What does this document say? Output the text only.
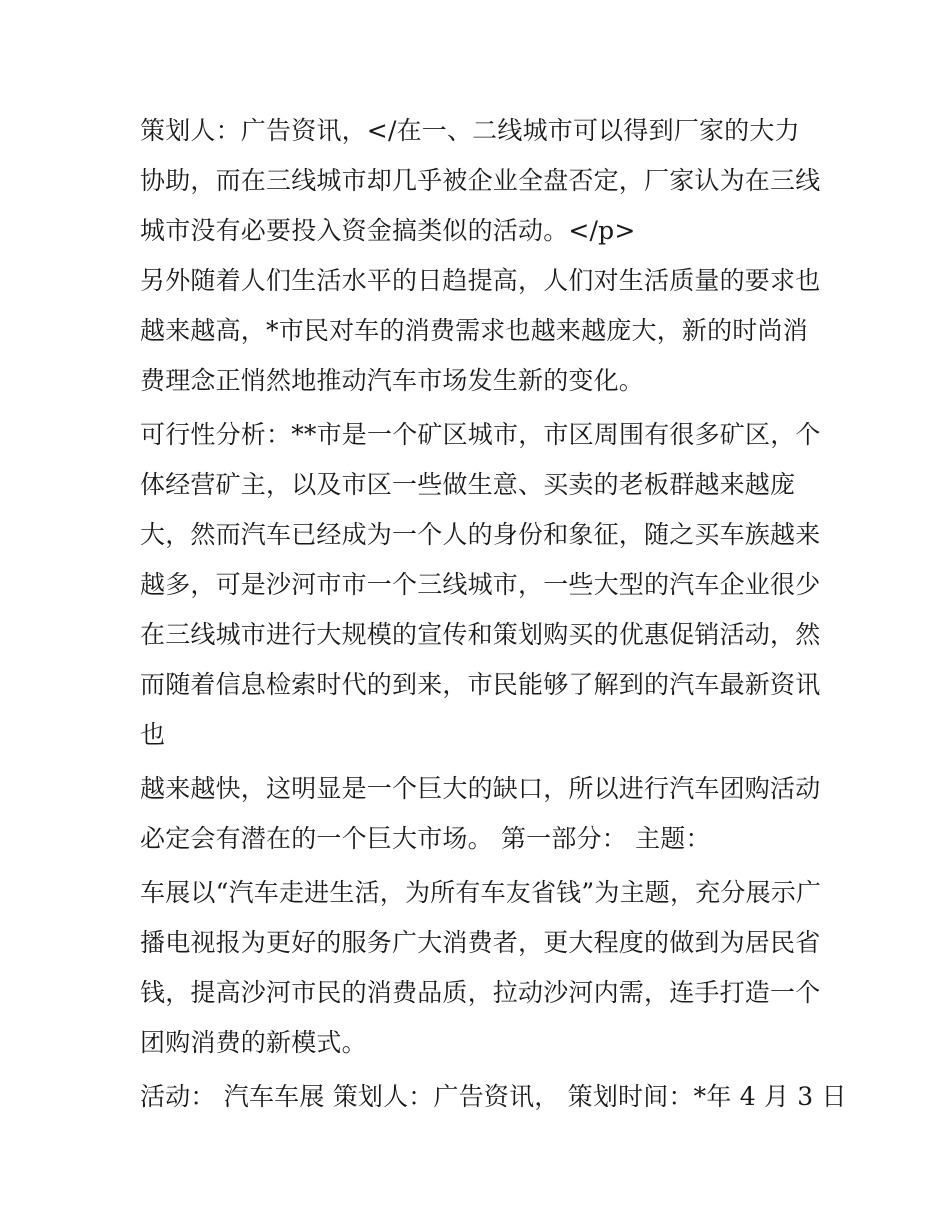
策划人：广告资讯，</在一、二线城市可以得到厂家的大力
协助，而在三线城市却几乎被企业全盘否定，厂家认为在三线
城市没有必要投入资金搞类似的活动。</p>
另外随着人们生活水平的日趋提高，人们对生活质量的要求也
越来越高，*市民对车的消费需求也越来越庞大，新的时尚消
费理念正悄然地推动汽车市场发生新的变化。
可行性分析：**市是一个矿区城市，市区周围有很多矿区，个
体经营矿主，以及市区一些做生意、买卖的老板群越来越庞
大，然而汽车已经成为一个人的身份和象征，随之买车族越来
越多，可是沙河市市一个三线城市，一些大型的汽车企业很少
在三线城市进行大规模的宣传和策划购买的优惠促销活动，然
而随着信息检索时代的到来，市民能够了解到的汽车最新资讯
也
越来越快，这明显是一个巨大的缺口，所以进行汽车团购活动
必定会有潜在的一个巨大市场。 第一部分： 主题：
车展以“汽车走进生活，为所有车友省钱”为主题，充分展示广
播电视报为更好的服务广大消费者，更大程度的做到为居民省
钱，提高沙河市民的消费品质，拉动沙河内需，连手打造一个
团购消费的新模式。
活动： 汽车车展 策划人：广告资讯， 策划时间：*年 4 月 3 日
